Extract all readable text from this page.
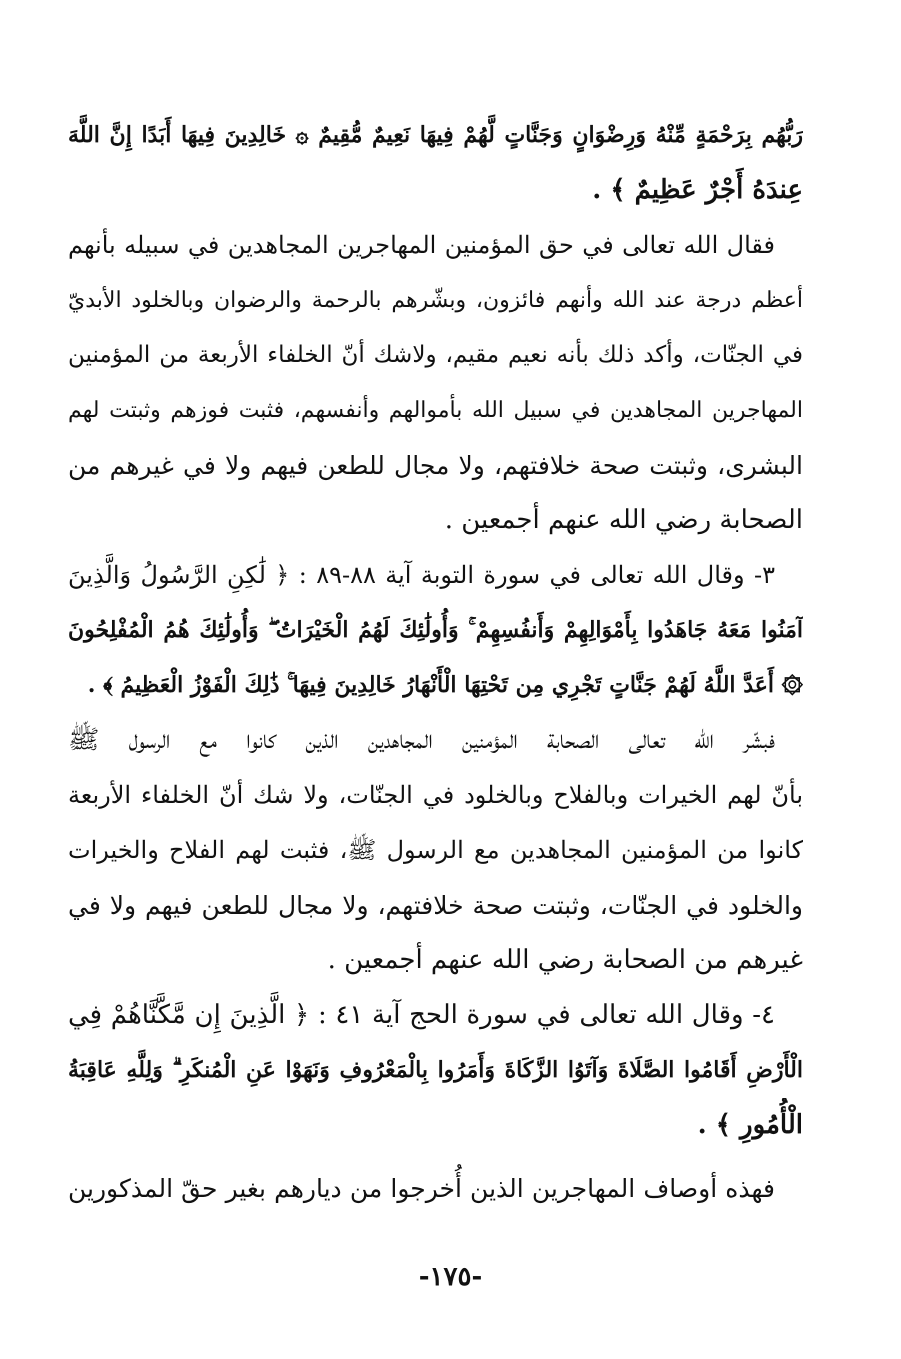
رَبُّهُم بِرَحْمَةٍ مِّنْهُ وَرِضْوَانٍ وَجَنَّاتٍ لَّهُمْ فِيهَا نَعِيمٌ مُّقِيمٌ ۞ خَالِدِينَ فِيهَا أَبَدًا إِنَّ اللَّهَ
عِندَهُ أَجْرٌ عَظِيمٌ ﴾ .
فقال الله تعالى في حق المؤمنين المهاجرين المجاهدين في سبيله بأنهم
أعظم درجة عند الله وأنهم فائزون، وبشّرهم بالرحمة والرضوان وبالخلود الأبديّ
في الجنّات، وأكد ذلك بأنه نعيم مقيم، ولاشك أنّ الخلفاء الأربعة من المؤمنين
المهاجرين المجاهدين في سبيل الله بأموالهم وأنفسهم، فثبت فوزهم وثبتت لهم
البشرى، وثبتت صحة خلافتهم، ولا مجال للطعن فيهم ولا في غيرهم من
الصحابة رضي الله عنهم أجمعين .
٣- وقال الله تعالى في سورة التوبة آية ٨٨-٨٩ : ﴿ لَٰكِنِ الرَّسُولُ وَالَّذِينَ
آمَنُوا مَعَهُ جَاهَدُوا بِأَمْوَالِهِمْ وَأَنفُسِهِمْ ۚ وَأُولَٰئِكَ لَهُمُ الْخَيْرَاتُ ۖ وَأُولَٰئِكَ هُمُ الْمُفْلِحُونَ
۞ أَعَدَّ اللَّهُ لَهُمْ جَنَّاتٍ تَجْرِي مِن تَحْتِهَا الْأَنْهَارُ خَالِدِينَ فِيهَا ۚ ذَٰلِكَ الْفَوْزُ الْعَظِيمُ ﴾ .
فبشّر الله تعالى الصحابة المؤمنين المجاهدين الذين كانوا مع الرسول ﷺ
بأنّ لهم الخيرات وبالفلاح وبالخلود في الجنّات، ولا شك أنّ الخلفاء الأربعة
كانوا من المؤمنين المجاهدين مع الرسول ﷺ، فثبت لهم الفلاح والخيرات
والخلود في الجنّات، وثبتت صحة خلافتهم، ولا مجال للطعن فيهم ولا في
غيرهم من الصحابة رضي الله عنهم أجمعين .
٤- وقال الله تعالى في سورة الحج آية ٤١ : ﴿ الَّذِينَ إِن مَّكَّنَّاهُمْ فِي
الْأَرْضِ أَقَامُوا الصَّلَاةَ وَآتَوُا الزَّكَاةَ وَأَمَرُوا بِالْمَعْرُوفِ وَنَهَوْا عَنِ الْمُنكَرِ ۗ وَلِلَّهِ عَاقِبَةُ
الْأُمُورِ ﴾ .
فهذه أوصاف المهاجرين الذين أُخرجوا من ديارهم بغير حقّ المذكورين
-١٧٥-
